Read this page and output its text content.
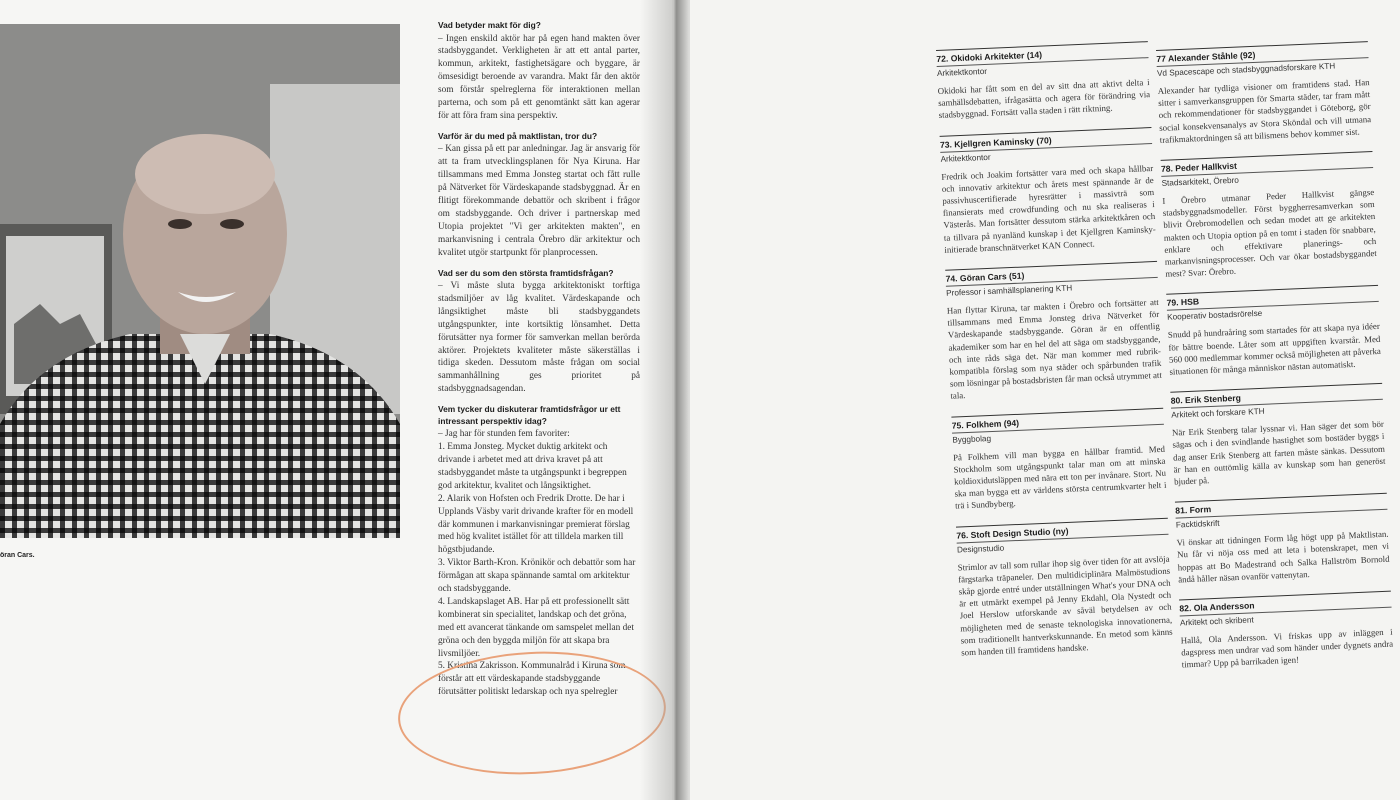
öran Cars.
Vad betyder makt för dig?

– Ingen enskild aktör har på egen hand makten över stadsbyggandet. Verkligheten är att ett antal parter, kommun, arkitekt, fastighetsägare och byggare, är ömsesidigt beroende av varandra. Makt får den aktör som förstår spelreglerna för interaktionen mellan parterna, och som på ett genomtänkt sätt kan agerar för att föra fram sina perspektiv.

Varför är du med på maktlistan, tror du?

– Kan gissa på ett par anledningar. Jag är ansvarig för att ta fram utvecklingsplanen för Nya Kiruna. Har tillsammans med Emma Jonsteg startat och fått rulle på Nätverket för Värdeskapande stadsbyggnad. Är en flitigt förekommande debattör och skribent i frågor om stadsbyggande. Och driver i partnerskap med Utopia projektet "Vi ger arkitekten makten", en markanvisning i centrala Örebro där arkitektur och kvalitet utgör startpunkt för planprocessen.

Vad ser du som den största framtidsfrågan?

– Vi måste sluta bygga arkitektoniskt torftiga stadsmiljöer av låg kvalitet. Värdeskapande och långsiktighet måste bli stadsbyggandets utgångspunkter, inte kortsiktig lönsamhet. Detta förutsätter nya former för samverkan mellan berörda aktörer. Projektets kvaliteter måste säkerställas i tidiga skeden. Dessutom måste frågan om social sammanhållning ges prioritet på stadsbyggnadsagendan.

Vem tycker du diskuterar framtidsfrågor ur ett intressant perspektiv idag?

– Jag har för stunden fem favoriter:
1. Emma Jonsteg. Mycket duktig arkitekt och drivande i arbetet med att driva kravet på att stadsbyggandet måste ta utgångspunkt i begreppen god arkitektur, kvalitet och långsiktighet.
2. Alarik von Hofsten och Fredrik Drotte. De har i Upplands Väsby varit drivande krafter för en modell där kommunen i markanvisningar premierat förslag med hög kvalitet istället för att tilldela marken till högstbjudande.
3. Viktor Barth-Kron. Krönikör och debattör som har förmågan att skapa spännande samtal om arkitektur och stadsbyggande.
4. Landskapslaget AB. Har på ett professionellt sätt kombinerat sin specialitet, landskap och det gröna, med ett avancerat tänkande om samspelet mellan det gröna och den byggda miljön för att skapa bra livsmiljöer.
5. Kristina Zakrisson. Kommunalråd i Kiruna som förstår att ett värdeskapande stadsbyggande förutsätter politiskt ledarskap och nya spelregler

72. Okidoki Arkitekter (14)
Arkitektkontor

Okidoki har fått som en del av sitt dna att aktivt delta i samhällsdebatten, ifrågasätta och agera för förändring via stadsbyggnad. Fortsätt valla staden i rätt riktning.

73. Kjellgren Kaminsky (70)
Arkitektkontor

Fredrik och Joakim fortsätter vara med och skapa hållbar och innovativ arkitektur och årets mest spännande är de passivhuscertifierade hyresrätter i massivträ som finansierats med crowdfunding och nu ska realiseras i Västerås. Man fortsätter dessutom stärka arkitektkåren och ta tillvara på nyanländ kunskap i det Kjellgren Kaminsky-initierade branschnätverket KAN Connect.

74. Göran Cars (51)
Professor i samhällsplanering KTH

Han flyttar Kiruna, tar makten i Örebro och fortsätter att tillsammans med Emma Jonsteg driva Nätverket för Värdeskapande stadsbyggande. Göran är en offentlig akademiker som har en hel del att säga om stadsbyggande, och inte råds säga det. När man kommer med rubrik-kompatibla förslag som nya städer och spårbunden trafik som lösningar på bostadsbristen får man också utrymmet att tala.

75. Folkhem (94)
Byggbolag

På Folkhem vill man bygga en hållbar framtid. Med Stockholm som utgångspunkt talar man om att minska koldioxidutsläppen med nära ett ton per invånare. Stort. Nu ska man bygga ett av världens största centrumkvarter helt i trä i Sundbyberg.

76. Stoft Design Studio (ny)
Designstudio

Strimlor av tall som rullar ihop sig över tiden för att avslöja färgstarka träpaneler. Den multidiciplinära Malmöstudions skåp gjorde entré under utställningen What's your DNA och är ett utmärkt exempel på Jenny Ekdahl, Ola Nystedt och Joel Herslow utforskande av såväl betydelsen av och möjligheten med de senaste teknologiska innovationerna, som traditionellt hantverkskunnande. En metod som känns som handen till framtidens handske.

77 Alexander Ståhle (92)
Vd Spacescape och stadsbyggnadsforskare KTH

Alexander har tydliga visioner om framtidens stad. Han sitter i samverkansgruppen för Smarta städer, tar fram mått och rekommendationer för stadsbyggandet i Göteborg, gör social konsekvensanalys av Stora Sköndal och vill utmana trafikmaktordningen så att bilismens behov kommer sist.

78. Peder Hallkvist
Stadsarkitekt, Örebro

I Örebro utmanar Peder Hallkvist gängse stadsbyggnadsmodeller. Först byggherresamverkan som blivit Örebromodellen och sedan modet att ge arkitekten makten och Utopia option på en tomt i staden för snabbare, enklare och effektivare planerings- och markanvisningsprocesser. Och var ökar bostadsbyggandet mest? Svar: Örebro.

79. HSB
Kooperativ bostadsrörelse

Snudd på hundraåring som startades för att skapa nya idéer för bättre boende. Låter som att uppgiften kvarstår. Med 560 000 medlemmar kommer också möjligheten att påverka situationen för många människor nästan automatiskt.

80. Erik Stenberg
Arkitekt och forskare KTH

När Erik Stenberg talar lyssnar vi. Han säger det som bör sägas och i den svindlande hastighet som bostäder byggs i dag anser Erik Stenberg att farten måste sänkas. Dessutom är han en outtömlig källa av kunskap som han generöst bjuder på.

81. Form
Facktidskrift

Vi önskar att tidningen Form låg högt upp på Maktlistan. Nu får vi nöja oss med att leta i botenskrapet, men vi hoppas att Bo Madestrand och Salka Hallström Bornold ändå håller näsan ovanför vattenytan.

82. Ola Andersson
Arkitekt och skribent

Hallå, Ola Andersson. Vi friskas upp av inläggen i dagspress men undrar vad som händer under dygnets andra timmar? Upp på barrikaden igen!
